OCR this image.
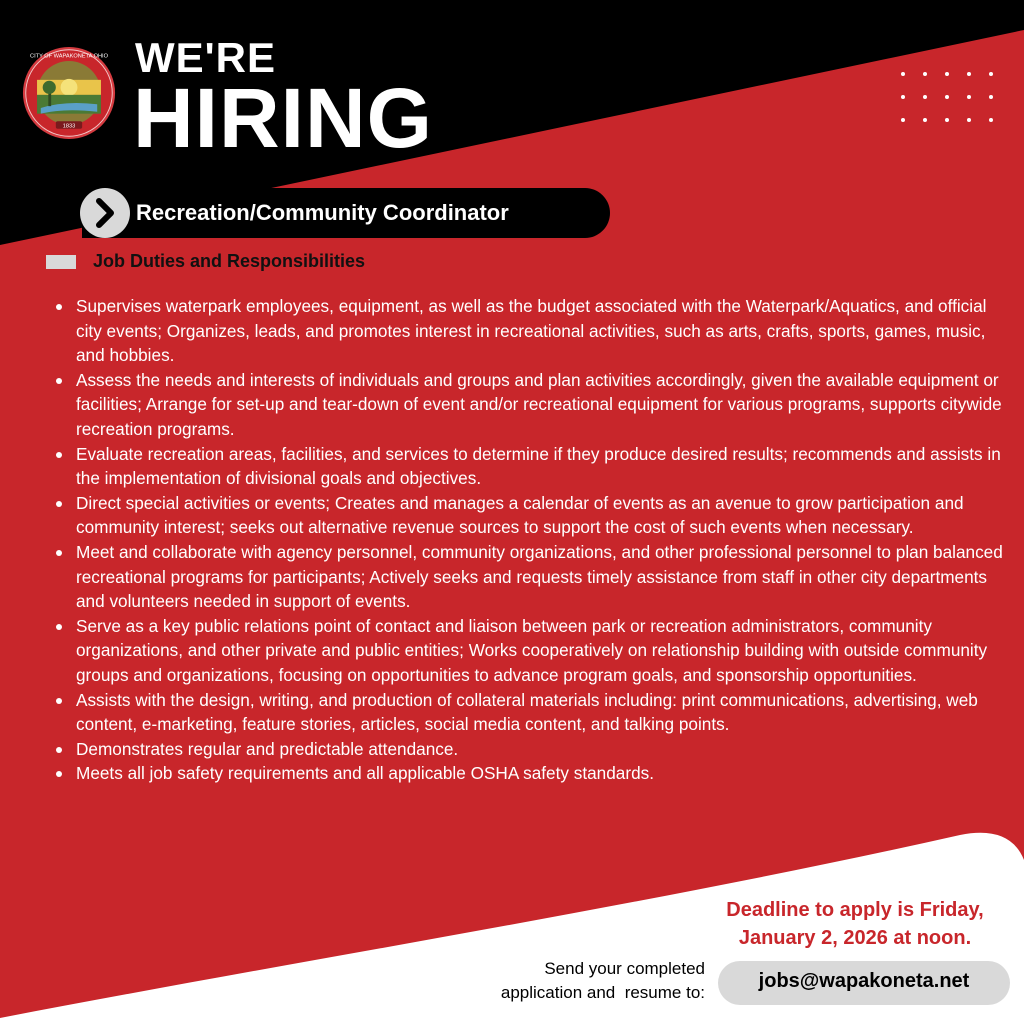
1833
CITY OF WAPAKONETA OHIO WE'RE
HIRING
Recreation/Community Coordinator
Job Duties and Responsibilities
Supervises waterpark employees, equipment, as well as the budget associated with the Waterpark/Aquatics, and official city events; Organizes, leads, and promotes interest in recreational activities, such as arts, crafts, sports, games, music, and hobbies.
Assess the needs and interests of individuals and groups and plan activities accordingly, given the available equipment or facilities; Arrange for set-up and tear-down of event and/or recreational equipment for various programs, supports citywide recreation programs.
Evaluate recreation areas, facilities, and services to determine if they produce desired results; recommends and assists in the implementation of divisional goals and objectives.
Direct special activities or events; Creates and manages a calendar of events as an avenue to grow participation and community interest; seeks out alternative revenue sources to support the cost of such events when necessary.
Meet and collaborate with agency personnel, community organizations, and other professional personnel to plan balanced recreational programs for participants; Actively seeks and requests timely assistance from staff in other city departments and volunteers needed in support of events.
Serve as a key public relations point of contact and liaison between park or recreation administrators, community organizations, and other private and public entities; Works cooperatively on relationship building with outside community groups and organizations, focusing on opportunities to advance program goals, and sponsorship opportunities.
Assists with the design, writing, and production of collateral materials including: print communications, advertising, web content, e-marketing, feature stories, articles, social media content, and talking points.
Demonstrates regular and predictable attendance.
Meets all job safety requirements and all applicable OSHA safety standards.
Deadline to apply is Friday,
January 2, 2026 at noon.
Send your completed
application and  resume to:
jobs@wapakoneta.net
